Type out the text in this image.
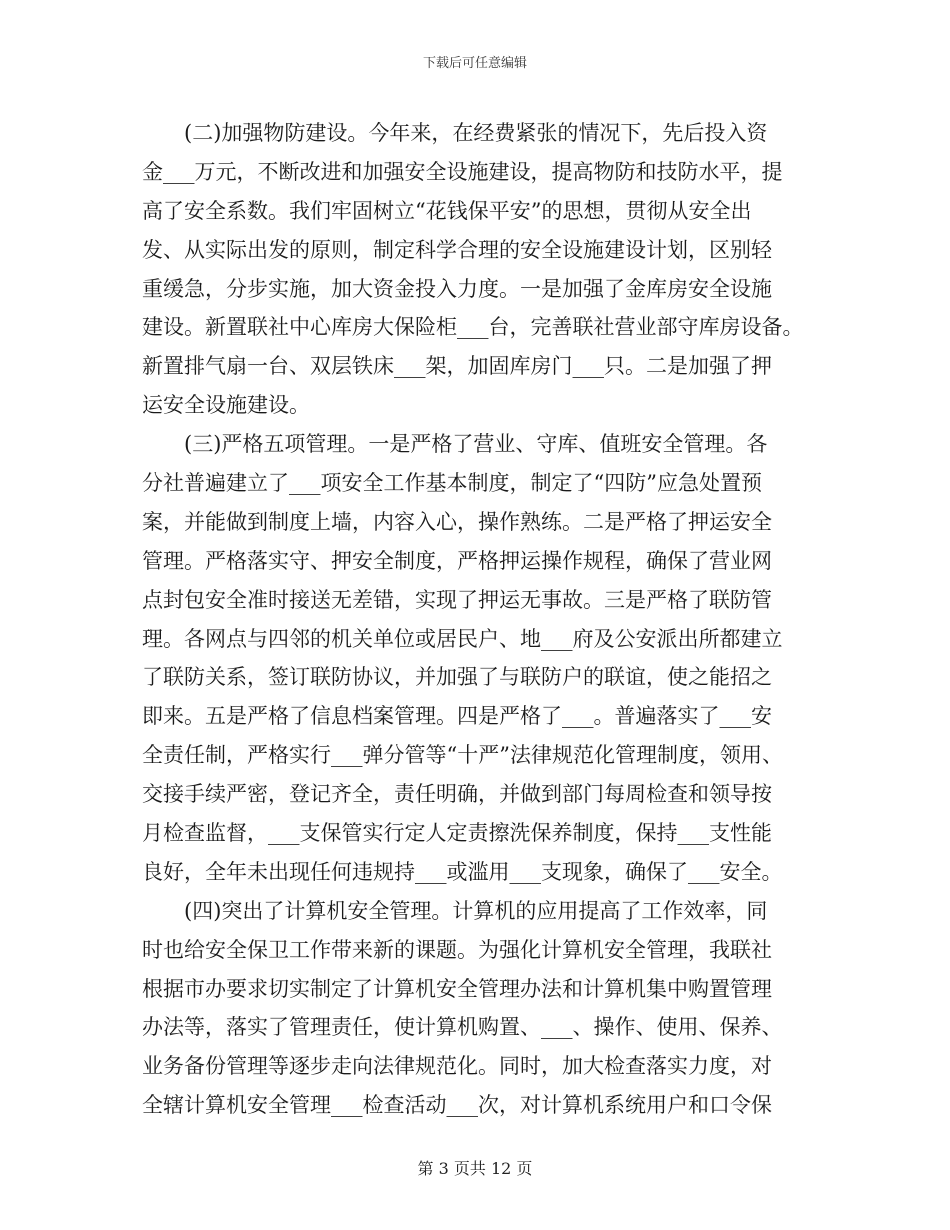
下载后可任意编辑
(二)加强物防建设。今年来，在经费紧张的情况下，先后投入资
金___万元，不断改进和加强安全设施建设，提高物防和技防水平，提
高了安全系数。我们牢固树立“花钱保平安”的思想，贯彻从安全出
发、从实际出发的原则，制定科学合理的安全设施建设计划，区别轻
重缓急，分步实施，加大资金投入力度。一是加强了金库房安全设施
建设。新置联社中心库房大保险柜___台，完善联社营业部守库房设备。
新置排气扇一台、双层铁床___架，加固库房门___只。二是加强了押
运安全设施建设。
(三)严格五项管理。一是严格了营业、守库、值班安全管理。各
分社普遍建立了___项安全工作基本制度，制定了“四防”应急处置预
案，并能做到制度上墙，内容入心，操作熟练。二是严格了押运安全
管理。严格落实守、押安全制度，严格押运操作规程，确保了营业网
点封包安全准时接送无差错，实现了押运无事故。三是严格了联防管
理。各网点与四邻的机关单位或居民户、地___府及公安派出所都建立
了联防关系，签订联防协议，并加强了与联防户的联谊，使之能招之
即来。五是严格了信息档案管理。四是严格了___。普遍落实了___安
全责任制，严格实行___弹分管等“十严”法律规范化管理制度，领用、
交接手续严密，登记齐全，责任明确，并做到部门每周检查和领导按
月检查监督，___支保管实行定人定责擦洗保养制度，保持___支性能
良好，全年未出现任何违规持___或滥用___支现象，确保了___安全。
(四)突出了计算机安全管理。计算机的应用提高了工作效率，同
时也给安全保卫工作带来新的课题。为强化计算机安全管理，我联社
根据市办要求切实制定了计算机安全管理办法和计算机集中购置管理
办法等，落实了管理责任，使计算机购置、___、操作、使用、保养、
业务备份管理等逐步走向法律规范化。同时，加大检查落实力度，对
全辖计算机安全管理___检查活动___次，对计算机系统用户和口令保
第 3 页共 12 页
